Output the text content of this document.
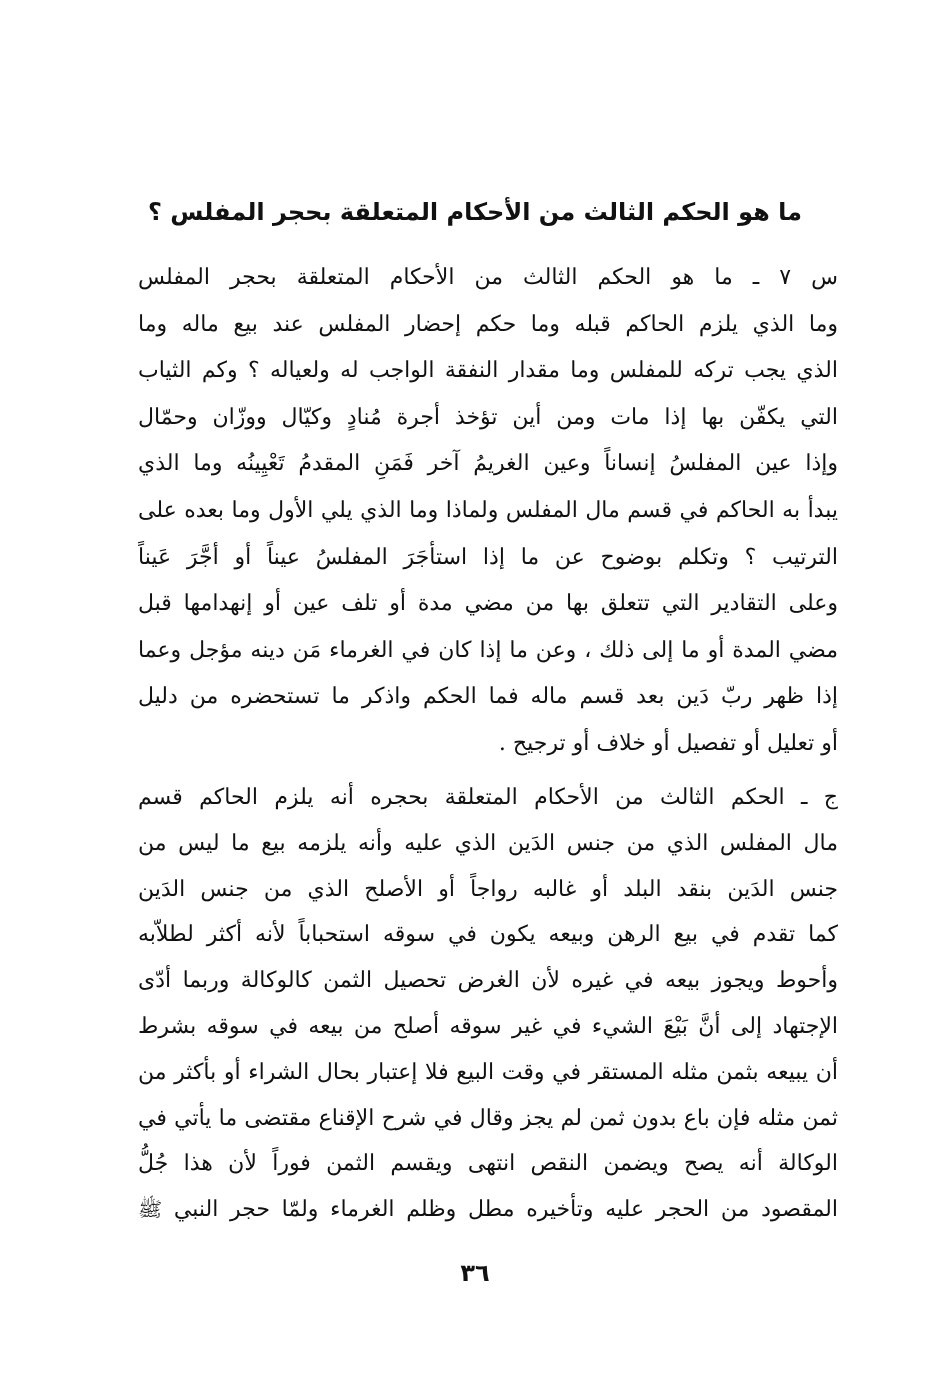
ما هو الحكم الثالث من الأحكام المتعلقة بحجر المفلس ؟
س ٧ ـ ما هو الحكم الثالث من الأحكام المتعلقة بحجر المفلس
وما الذي يلزم الحاكم قبله وما حكم إحضار المفلس عند بيع ماله وما
الذي يجب تركه للمفلس وما مقدار النفقة الواجب له ولعياله ؟ وكم الثياب
التي يكفّن بها إذا مات ومن أين تؤخذ أجرة مُنادٍ وكيّال ووزّان وحمّال
وإذا عين المفلسُ إنساناً وعين الغريمُ آخر فَمَنِ المقدمُ تَعْيِينُه وما الذي
يبدأ به الحاكم في قسم مال المفلس ولماذا وما الذي يلي الأول وما بعده على
الترتيب ؟ وتكلم بوضوح عن ما إذا استأجَرَ المفلسُ عيناً أو أجَّرَ عَيناً
وعلى التقادير التي تتعلق بها من مضي مدة أو تلف عين أو إنهدامها قبل
مضي المدة أو ما إلى ذلك ، وعن ما إذا كان في الغرماء مَن دينه مؤجل وعما
إذا ظهر ربّ دَين بعد قسم ماله فما الحكم واذكر ما تستحضره من دليل
أو تعليل أو تفصيل أو خلاف أو ترجيح .
ج ـ الحكم الثالث من الأحكام المتعلقة بحجره أنه يلزم الحاكم قسم
مال المفلس الذي من جنس الدَين الذي عليه وأنه يلزمه بيع ما ليس من
جنس الدَين بنقد البلد أو غالبه رواجاً أو الأصلح الذي من جنس الدَين
كما تقدم في بيع الرهن وبيعه يكون في سوقه استحباباً لأنه أكثر لطلاّبه
وأحوط ويجوز بيعه في غيره لأن الغرض تحصيل الثمن كالوكالة وربما أدّى
الإجتهاد إلى أنَّ بَيْعَ الشيء في غير سوقه أصلح من بيعه في سوقه بشرط
أن يبيعه بثمن مثله المستقر في وقت البيع فلا إعتبار بحال الشراء أو بأكثر من
ثمن مثله فإن باع بدون ثمن لم يجز وقال في شرح الإقناع مقتضى ما يأتي في
الوكالة أنه يصح ويضمن النقص انتهى ويقسم الثمن فوراً لأن هذا جُلُّ
المقصود من الحجر عليه وتأخيره مطل وظلم الغرماء ولمّا حجر النبي ﷺ
٣٦
